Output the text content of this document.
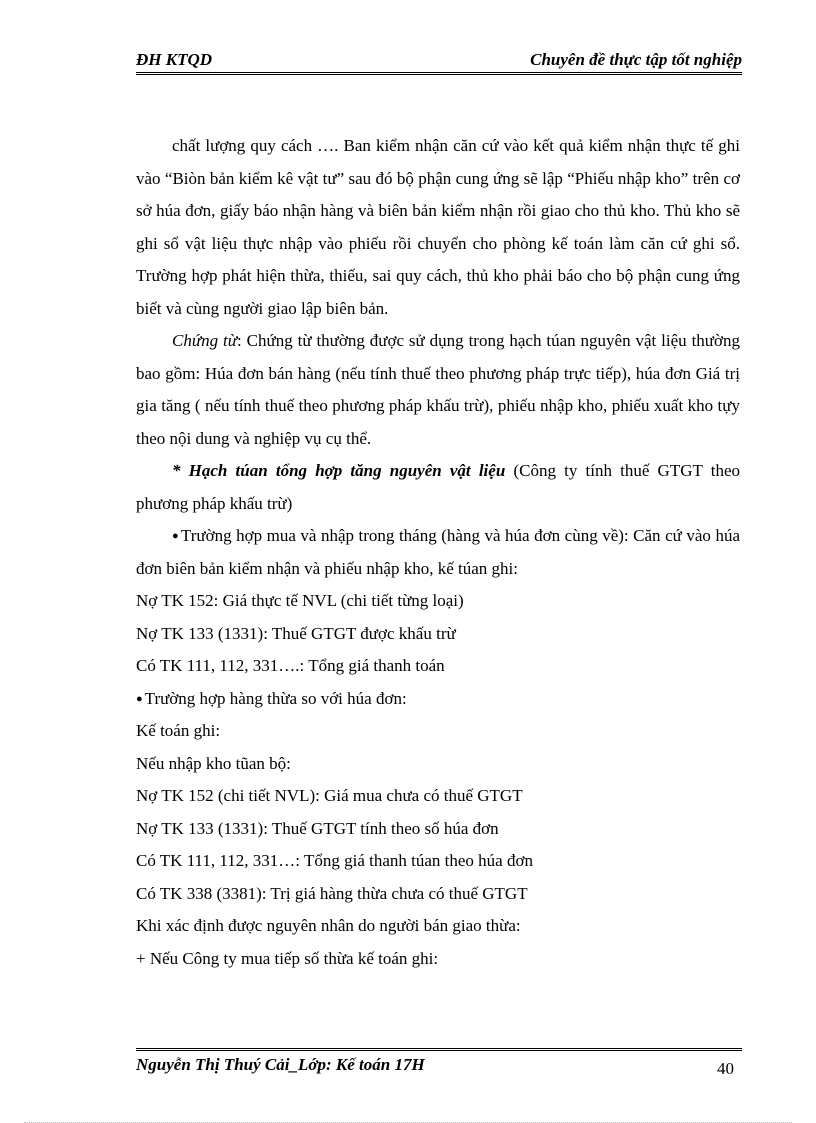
ĐH KTQD	Chuyên đề thực tập tốt nghiệp

chất lượng quy cách …. Ban kiểm nhận căn cứ vào kết quả kiểm nhận thực tế ghi vào “Biòn bản kiểm kê vật tư” sau đó bộ phận cung ứng sẽ lập “Phiếu nhập kho” trên cơ sở húa đơn, giấy báo nhận hàng và biên bản kiểm nhận rồi giao cho thủ kho. Thủ kho sẽ ghi sổ vật liệu thực nhập vào phiếu rồi chuyển cho phòng kế toán làm căn cứ ghi sổ. Trường hợp phát hiện thừa, thiếu, sai quy cách, thủ kho phải báo cho bộ phận cung ứng biết và cùng người giao lập biên bản.

Chứng từ: Chứng từ thường được sử dụng trong hạch túan nguyên vật liệu thường bao gồm: Húa đơn bán hàng (nếu tính thuế theo phương pháp trực tiếp), húa đơn Giá trị gia tăng ( nếu tính thuế theo phương pháp khấu trừ), phiếu nhập kho, phiếu xuất kho tựy theo nội dung và nghiệp vụ cụ thể.

* Hạch túan tổng hợp tăng nguyên vật liệu (Công ty tính thuế GTGT theo phương pháp khấu trừ)

● Trường hợp mua và nhập trong tháng (hàng và húa đơn cùng về): Căn cứ vào húa đơn biên bản kiểm nhận và phiếu nhập kho, kế túan ghi:

Nợ TK 152: Giá thực tế NVL (chi tiết từng loại)

Nợ TK 133 (1331): Thuế GTGT được khấu trừ

Có TK 111, 112, 331….: Tổng giá thanh toán

● Trường hợp hàng thừa so với húa đơn:

Kế toán ghi:

Nếu nhập kho tũan bộ:

Nợ TK 152 (chi tiết NVL): Giá mua chưa có thuế GTGT

Nợ TK 133 (1331): Thuế GTGT tính theo số húa đơn

Có TK 111, 112, 331…: Tổng giá thanh túan theo húa đơn

Có TK 338 (3381): Trị giá hàng thừa chưa có thuế GTGT

Khi xác định được nguyên nhân do người bán giao thừa:

+ Nếu Công ty mua tiếp số thừa kế toán ghi:

Nguyễn Thị Thuý Cải_Lớp: Kế toán 17H	40
